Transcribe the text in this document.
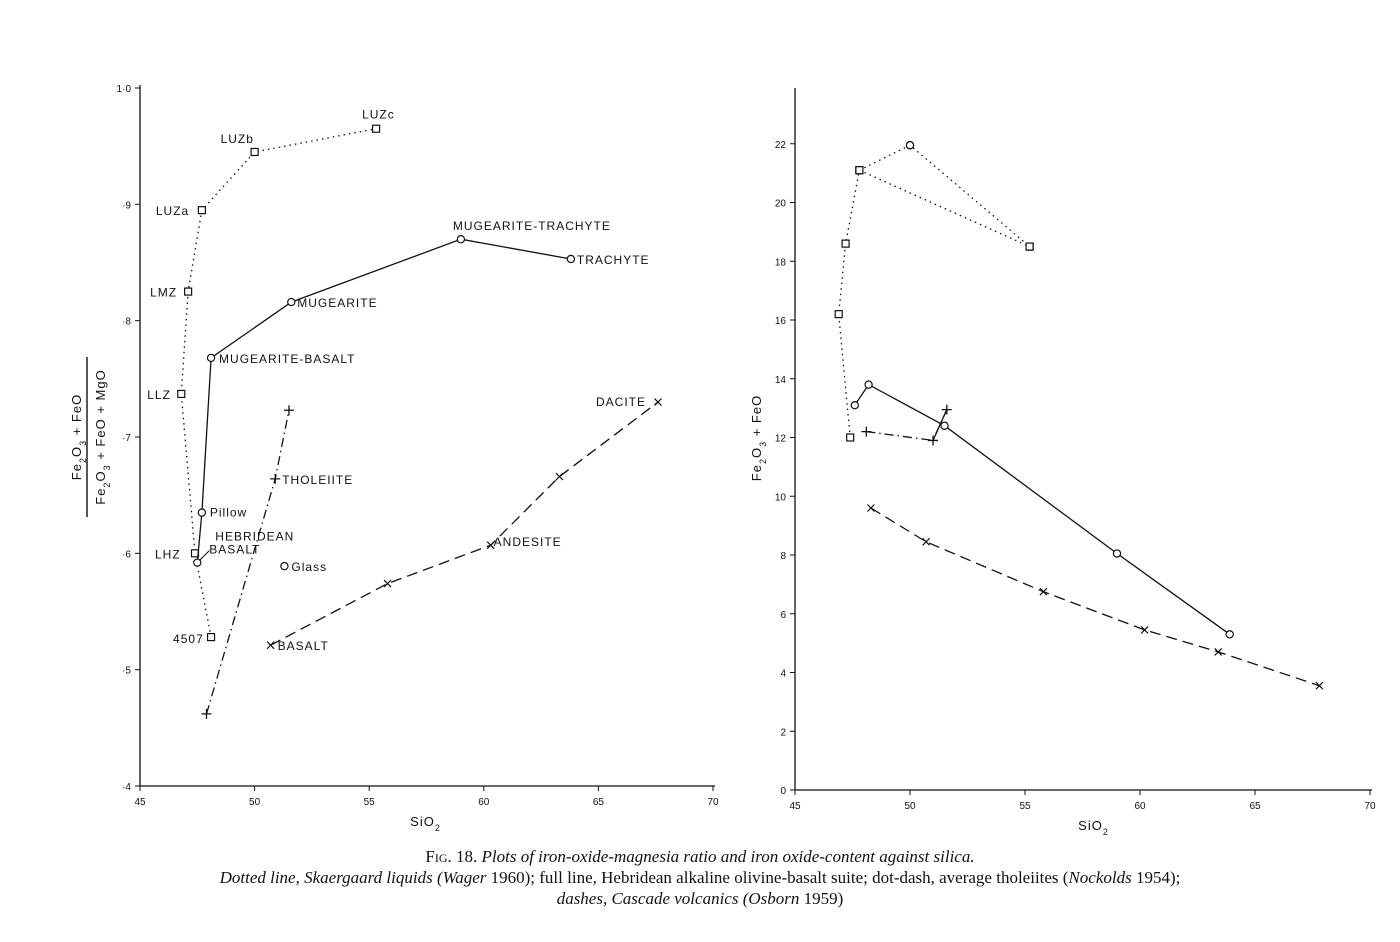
45	50	55	60	65	70
·4
·5
·6
·7
·8
·9
1·0
SiO$_2$
$Fe_2O_3$ + FeO
$Fe_2O_3$ + FeO + MgO
4507
LHZ
LLZ
LMZ
LUZa
LUZb
LUZc
HEBRIDEAN
BASALT
Pillow
MUGEARITE-BASALT
MUGEARITE
MUGEARITE-TRACHYTE
TRACHYTE
Glass
THOLEIITE
BASALT
ANDESITE
DACITE
45	50	55	60	65	70
0
2
4
6
8
10
12
14
16
18
20
22
SiO$_2$
$Fe_2O_3$ + FeO
Fig. 18. Plots of iron-oxide-magnesia ratio and iron oxide-content against silica.
Dotted line, Skaergaard liquids (Wager 1960); full line, Hebridean alkaline olivine-basalt suite; dot-dash, average tholeiites (Nockolds 1954);
dashes, Cascade volcanics (Osborn 1959)
